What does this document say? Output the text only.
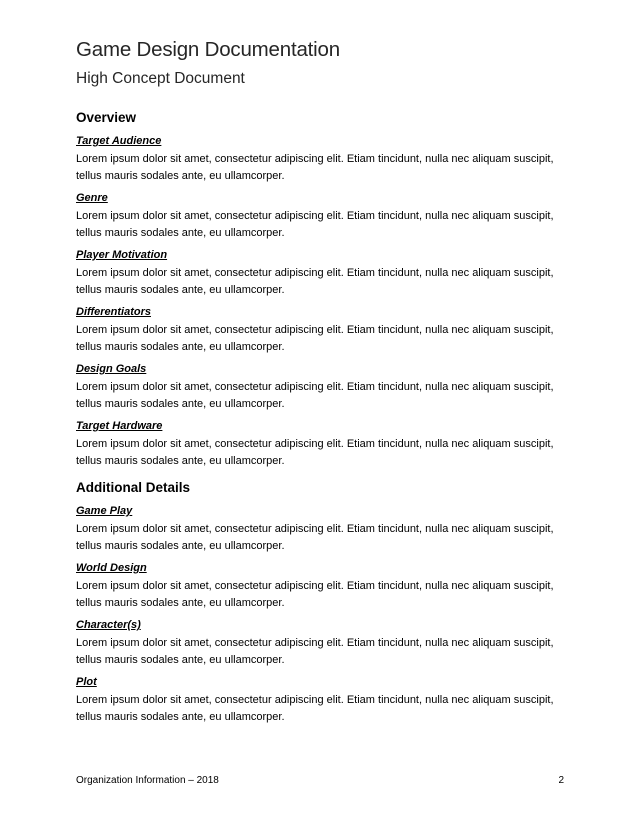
Game Design Documentation
High Concept Document
Overview

Target Audience

Lorem ipsum dolor sit amet, consectetur adipiscing elit. Etiam tincidunt, nulla nec aliquam suscipit, tellus mauris sodales ante, eu ullamcorper.

Genre

Lorem ipsum dolor sit amet, consectetur adipiscing elit. Etiam tincidunt, nulla nec aliquam suscipit, tellus mauris sodales ante, eu ullamcorper.

Player Motivation

Lorem ipsum dolor sit amet, consectetur adipiscing elit. Etiam tincidunt, nulla nec aliquam suscipit, tellus mauris sodales ante, eu ullamcorper.

Differentiators

Lorem ipsum dolor sit amet, consectetur adipiscing elit. Etiam tincidunt, nulla nec aliquam suscipit, tellus mauris sodales ante, eu ullamcorper.

Design Goals

Lorem ipsum dolor sit amet, consectetur adipiscing elit. Etiam tincidunt, nulla nec aliquam suscipit, tellus mauris sodales ante, eu ullamcorper.

Target Hardware

Lorem ipsum dolor sit amet, consectetur adipiscing elit. Etiam tincidunt, nulla nec aliquam suscipit, tellus mauris sodales ante, eu ullamcorper.

Additional Details

Game Play

Lorem ipsum dolor sit amet, consectetur adipiscing elit. Etiam tincidunt, nulla nec aliquam suscipit, tellus mauris sodales ante, eu ullamcorper.

World Design

Lorem ipsum dolor sit amet, consectetur adipiscing elit. Etiam tincidunt, nulla nec aliquam suscipit, tellus mauris sodales ante, eu ullamcorper.

Character(s)

Lorem ipsum dolor sit amet, consectetur adipiscing elit. Etiam tincidunt, nulla nec aliquam suscipit, tellus mauris sodales ante, eu ullamcorper.

Plot

Lorem ipsum dolor sit amet, consectetur adipiscing elit. Etiam tincidunt, nulla nec aliquam suscipit, tellus mauris sodales ante, eu ullamcorper.

Organization Information – 2018	2
